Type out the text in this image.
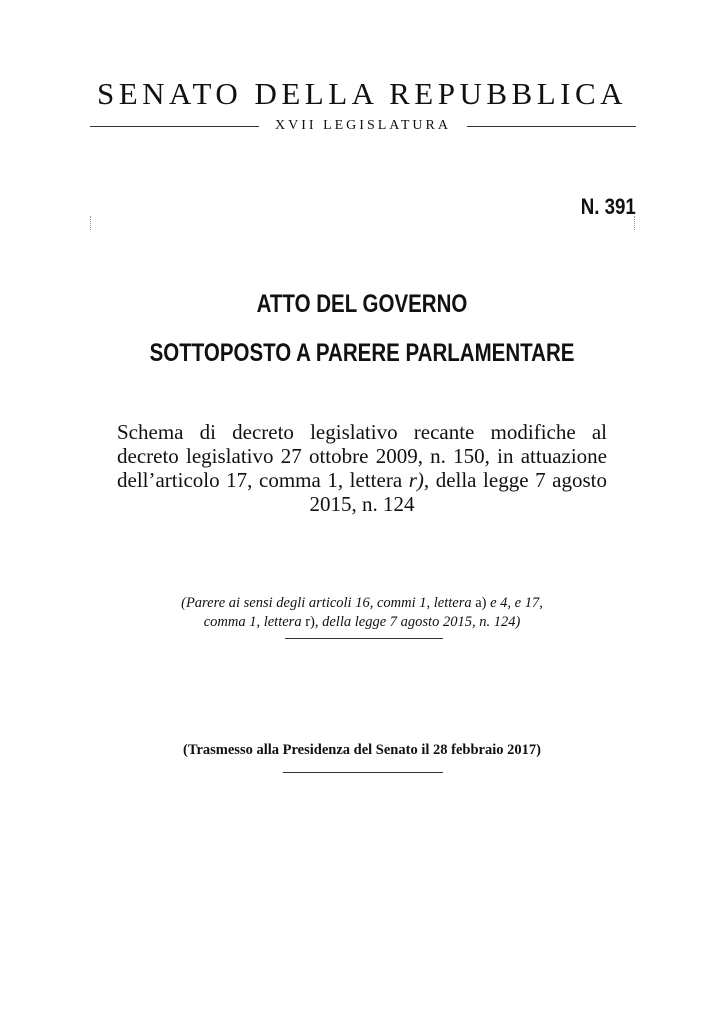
SENATO DELLA REPUBBLICA
XVII LEGISLATURA
N. 391
ATTO DEL GOVERNO
SOTTOPOSTO A PARERE PARLAMENTARE
Schema di decreto legislativo recante modifiche al decreto legislativo 27 ottobre 2009, n. 150, in attuazione dell’articolo 17, comma 1, lettera r), della legge 7 agosto 2015, n. 124
(Parere ai sensi degli articoli 16, commi 1, lettera a) e 4, e 17,
comma 1, lettera r), della legge 7 agosto 2015, n. 124)
(Trasmesso alla Presidenza del Senato il 28 febbraio 2017)
